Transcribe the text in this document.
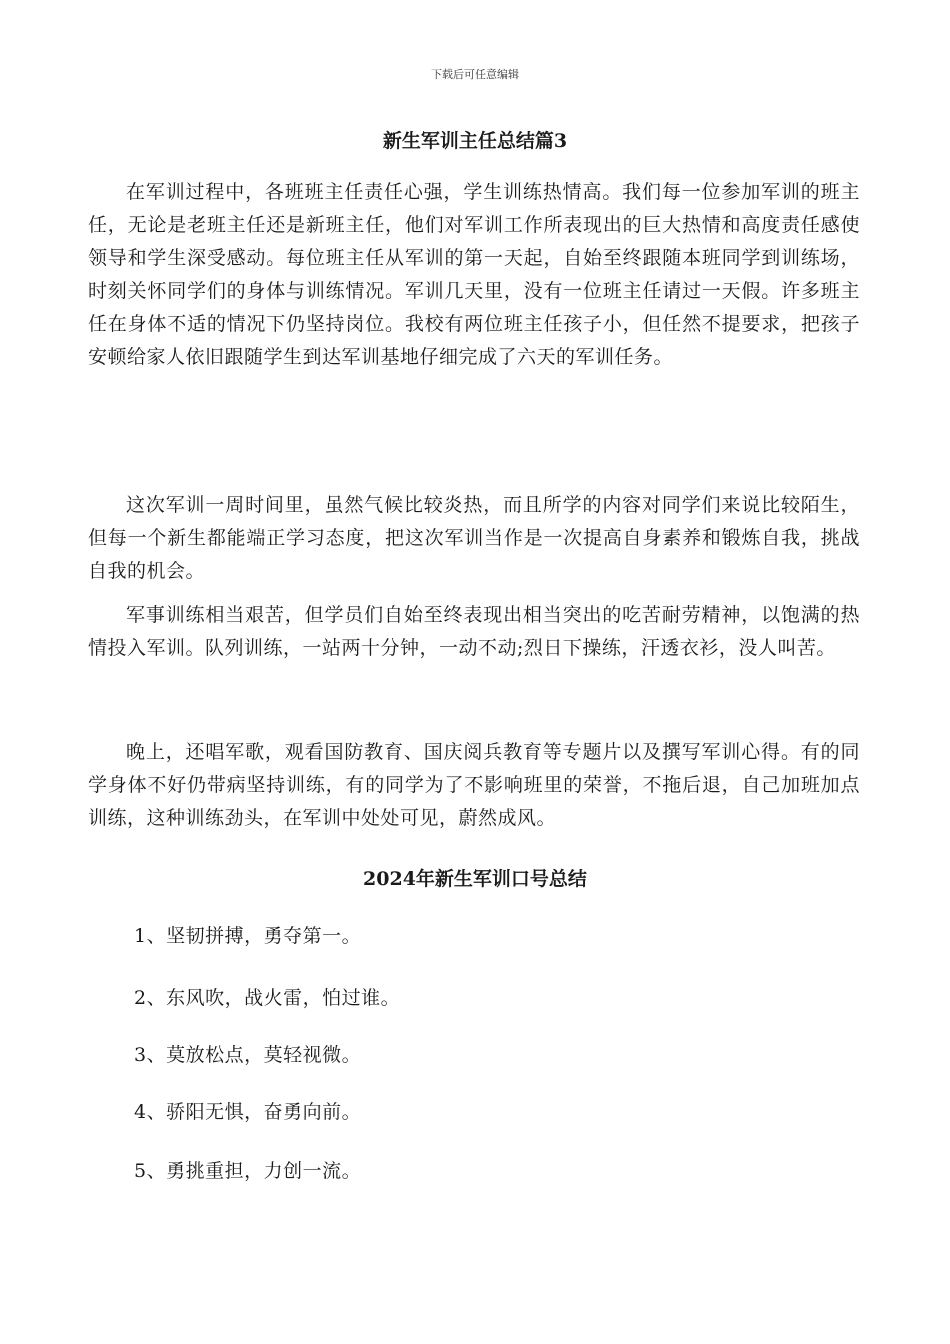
下载后可任意编辑
新生军训主任总结篇3

在军训过程中，各班班主任责任心强，学生训练热情高。我们每一位参加军训的班主任，无论是老班主任还是新班主任，他们对军训工作所表现出的巨大热情和高度责任感使领导和学生深受感动。每位班主任从军训的第一天起，自始至终跟随本班同学到训练场，时刻关怀同学们的身体与训练情况。军训几天里，没有一位班主任请过一天假。许多班主任在身体不适的情况下仍坚持岗位。我校有两位班主任孩子小，但任然不提要求，把孩子安顿给家人依旧跟随学生到达军训基地仔细完成了六天的军训任务。

这次军训一周时间里，虽然气候比较炎热，而且所学的内容对同学们来说比较陌生，但每一个新生都能端正学习态度，把这次军训当作是一次提高自身素养和锻炼自我，挑战自我的机会。

军事训练相当艰苦，但学员们自始至终表现出相当突出的吃苦耐劳精神，以饱满的热情投入军训。队列训练，一站两十分钟，一动不动;烈日下操练，汗透衣衫，没人叫苦。

晚上，还唱军歌，观看国防教育、国庆阅兵教育等专题片以及撰写军训心得。有的同学身体不好仍带病坚持训练，有的同学为了不影响班里的荣誉，不拖后退，自己加班加点训练，这种训练劲头，在军训中处处可见，蔚然成风。

2024年新生军训口号总结

1、坚韧拼搏，勇夺第一。

2、东风吹，战火雷，怕过谁。

3、莫放松点，莫轻视微。

4、骄阳无惧，奋勇向前。

5、勇挑重担，力创一流。
